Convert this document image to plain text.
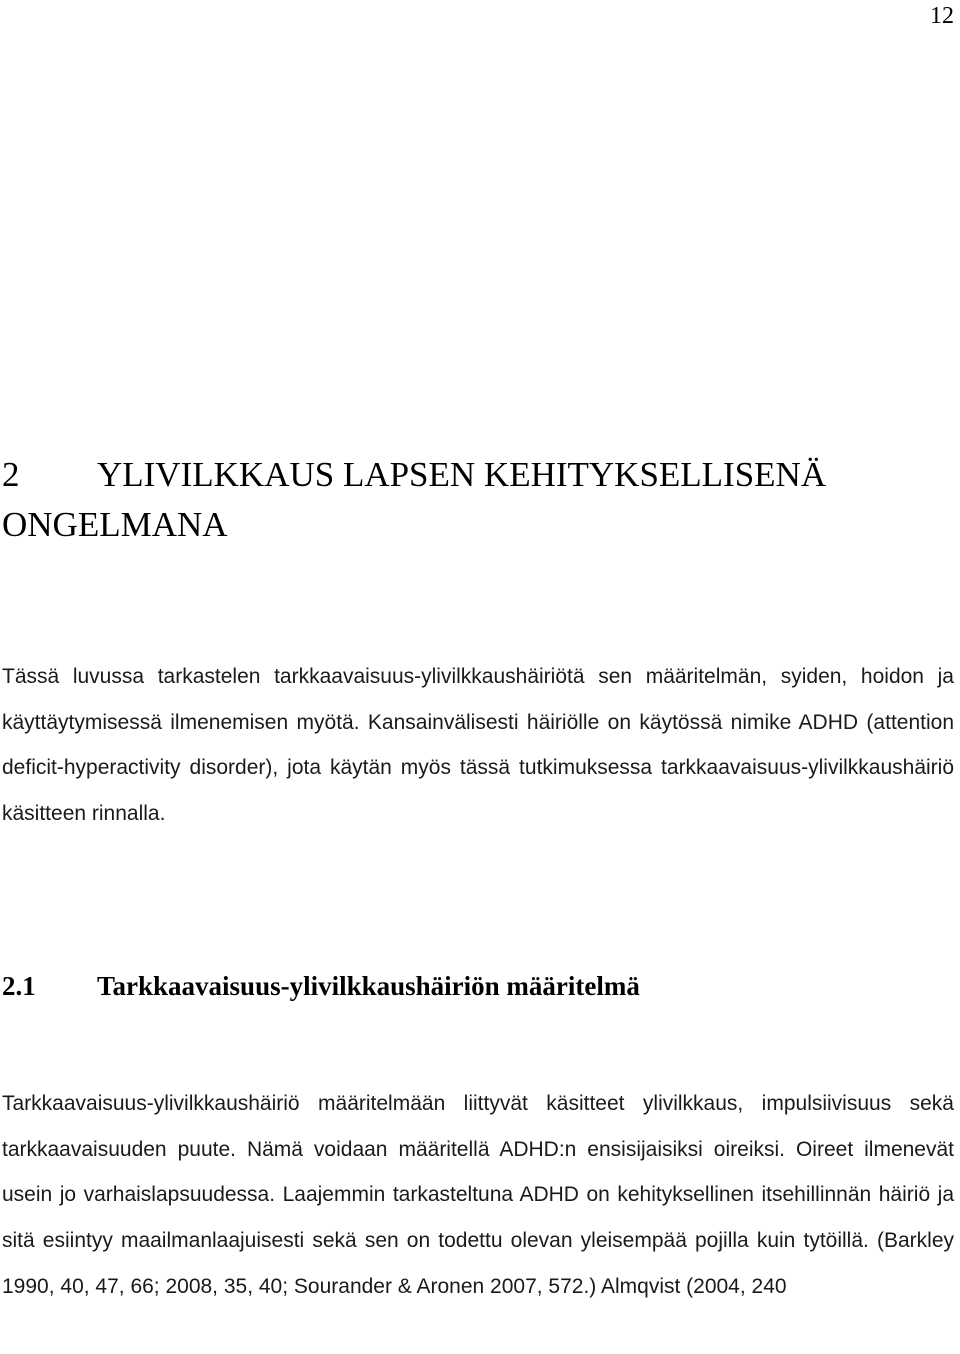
12
2 YLIVILKKAUS LAPSEN KEHITYKSELLISENÄ ONGELMANA

Tässä luvussa tarkastelen tarkkaavaisuus-ylivilkkaushäiriötä sen määritelmän, syiden, hoidon ja käyttäytymisessä ilmenemisen myötä. Kansainvälisesti häiriölle on käytössä nimike ADHD (attention deficit-hyperactivity disorder), jota käytän myös tässä tutkimuksessa tarkkaavaisuus-ylivilkkaushäiriö käsitteen rinnalla.

2.1 Tarkkaavaisuus-ylivilkkaushäiriön määritelmä

Tarkkaavaisuus-ylivilkkaushäiriö määritelmään liittyvät käsitteet ylivilkkaus, impulsiivisuus sekä tarkkaavaisuuden puute. Nämä voidaan määritellä ADHD:n ensisijaisiksi oireiksi. Oireet ilmenevät usein jo varhaislapsuudessa. Laajemmin tarkasteltuna ADHD on kehityksellinen itsehillinnän häiriö ja sitä esiintyy maailmanlaajuisesti sekä sen on todettu olevan yleisempää pojilla kuin tytöillä. (Barkley 1990, 40, 47, 66; 2008, 35, 40; Sourander & Aronen 2007, 572.) Almqvist (2004, 240
